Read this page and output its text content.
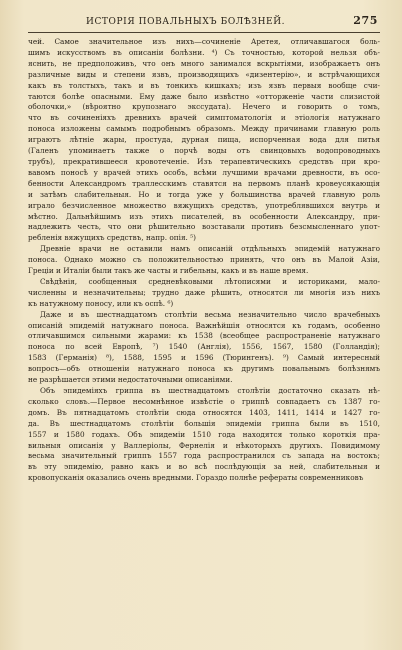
ИСТОРІЯ ПОВАЛЬНЫХЪ БОЛѢЗНЕЙ.	275

чей. Самое значительное изъ нихъ—сочиненіе Аретея, отличавшагося боль-
шимъ искусствомъ въ описаніи болѣзни. ⁴) Съ точностью, которой нельзя объ-
яснить, не предположивъ, что онъ много занимался вскрытіями, изображаетъ онъ
различные виды и степени язвъ, производящихъ «дизентерію», и встрѣчающихся
какъ въ толстыхъ, такъ и въ тонкихъ кишкахъ; изъ язвъ первыя вообще счи-
таются болѣе опасными. Ему даже было извѣстно «отторженіе части слизистой
оболочки,» (вѣроятно крупознаго экссудата). Нечего и говорить о томъ,
что въ сочиненіяхъ древнихъ врачей симптоматологія и этіологія натужнаго
поноса изложены самымъ подробнымъ образомъ. Между причинами главную роль
играютъ лѣтніе жары, простуда, дурная пища, испорченная вода для питья
(Галенъ упоминаетъ также о порчѣ воды отъ свинцовыхъ водопроводныхъ
трубъ), прекратившееся кровотеченіе. Изъ терапевтическихъ средствъ при кро-
вавомъ поносѣ у врачей этихъ особъ, всѣми лучшими врачами древности, въ осо-
бенности Александромъ траллесскимъ ставятся на первомъ планѣ кровеусякающія
и затѣмъ слабительныя. Но и тогда уже у большинства врачей главную роль
играло безчисленное множество вяжущихъ средствъ, употреблявшихся внутрь и
мѣстно. Дальнѣйшимъ изъ этихъ писателей, въ особенности Александру, при-
надлежитъ честь, что они рѣшительно возставали противъ безсмысленнаго упот-
ребленія вяжущихъ средствъ, напр. опія. ⁵)

Древніе врачи не оставили намъ описаній отдѣльныхъ эпидемій натужнаго
поноса. Однако можно съ положительностью принять, что онъ въ Малой Азіи,
Греціи и Италіи были такъ же часты и гибельны, какъ и въ наше время.

Свѣдѣнія, сообщенныя средневѣковыми лѣтописями и историками, мало-
численны и незначительны; трудно даже рѣшить, относятся ли многія изъ нихъ
къ натужному поносу, или къ оспѣ. ⁶)

Даже и въ шестнадцатомъ столѣтіи весьма незначительно число врачебныхъ
описаній эпидемій натужнаго поноса. Важнѣйшія относятся къ годамъ, особенно
отличавшимся сильными жарами: къ 1538 (всеобщее распространеніе натужнаго
поноса по всей Европѣ, ⁷) 1540 (Англія), 1556, 1567, 1580 (Голландія);
1583 (Германія) ⁸), 1588, 1595 и 1596 (Тюрингенъ). ⁹) Самый интересный
вопросъ—объ отношеніи натужнаго поноса къ другимъ повальнымъ болѣзнямъ
не разрѣшается этими недостаточными описаніями.

Объ эпидеміяхъ гриппа въ шестнадцатомъ столѣтіи достаточно сказать нѣ-
сколько словъ.—Первое несомнѣнное извѣстіе о гриппѣ совпадаетъ съ 1387 го-
домъ. Въ пятнадцатомъ столѣтіи сюда относятся 1403, 1411, 1414 и 1427 го-
да. Въ шестнадцатомъ столѣтіи большія эпидеміи гриппа были въ 1510,
1557 и 1580 годахъ. Объ эпидеміи 1510 года находятся только короткія пра-
вильныя описанія у Валлеріолы, Фернелія и нѣкоторыхъ другихъ. Повидимому
весьма значительный гриппъ 1557 года распространился съ запада на востокъ;
въ эту эпидемію, равно какъ и во всѣ послѣдующія за ней, слабительныя и
кровопусканія оказались очень вредными. Гораздо полнѣе рефераты современниковъ
